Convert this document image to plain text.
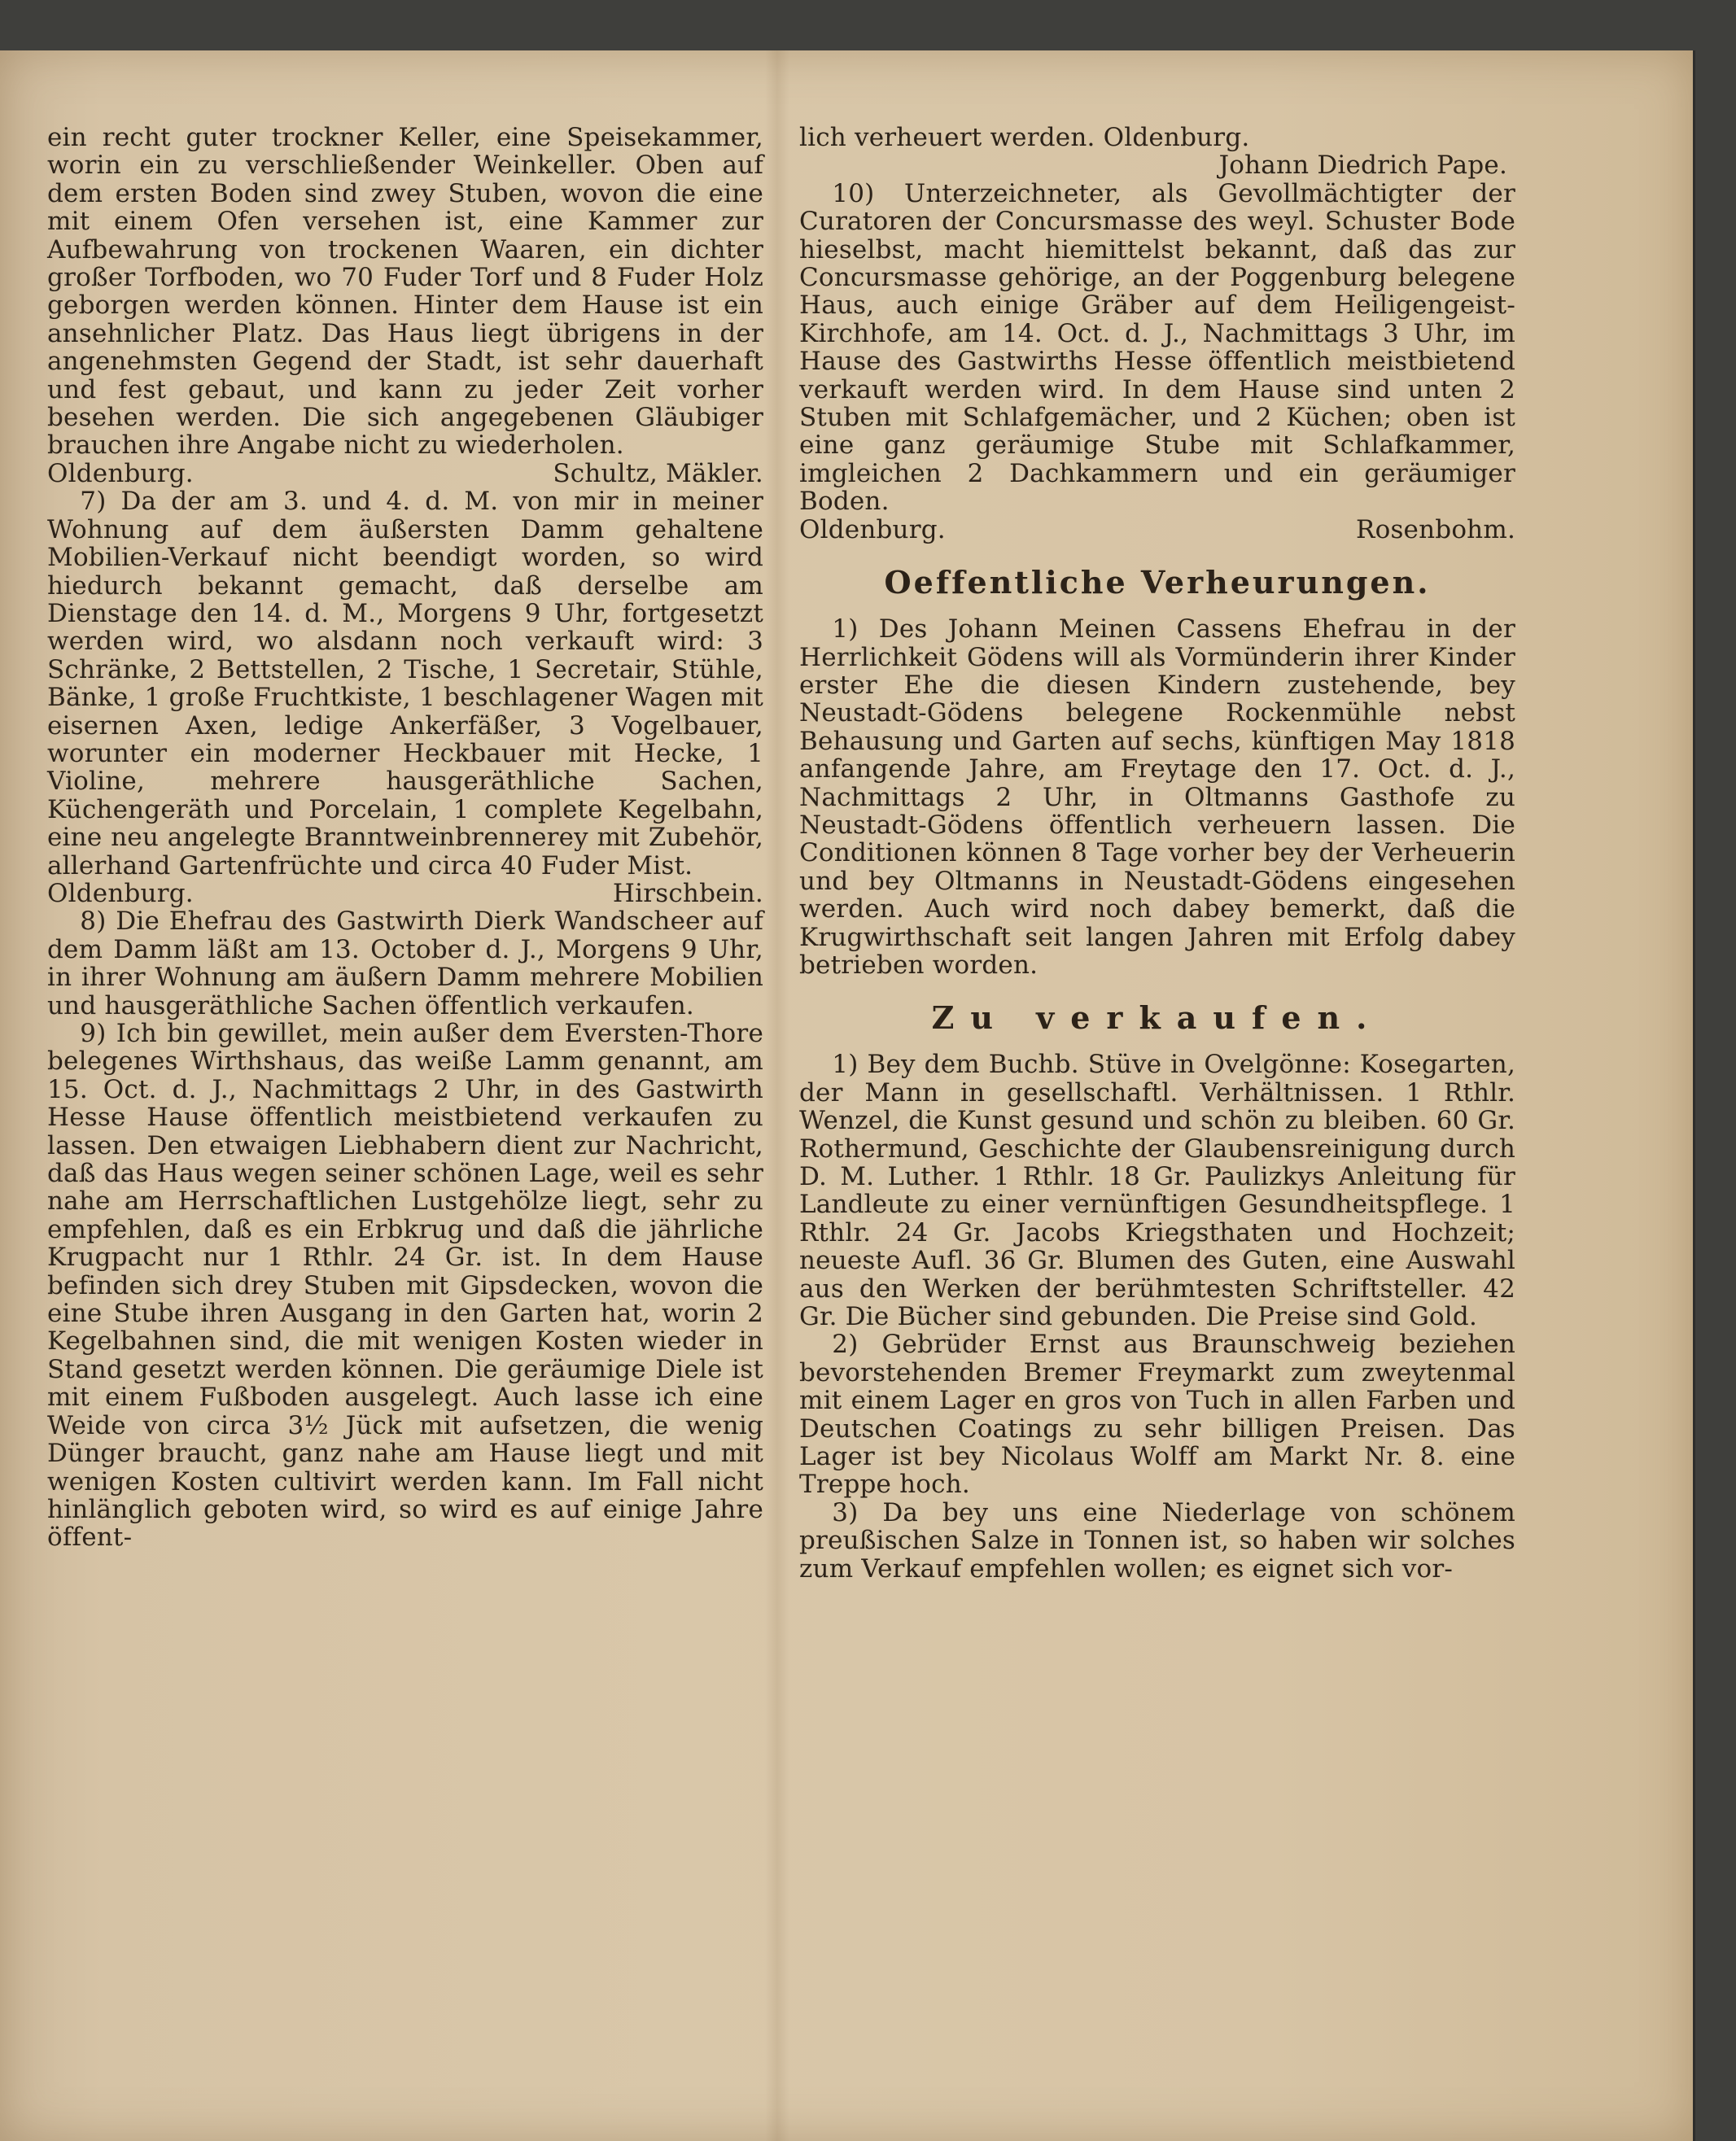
ein recht guter trockner Keller, eine Speisekammer, worin ein zu verschließender Weinkeller. Oben auf dem ersten Boden sind zwey Stuben, wovon die eine mit einem Ofen versehen ist, eine Kammer zur Aufbewahrung von trockenen Waaren, ein dichter großer Torfboden, wo 70 Fuder Torf und 8 Fuder Holz geborgen werden können. Hinter dem Hause ist ein ansehnlicher Platz. Das Haus liegt übrigens in der angenehmsten Gegend der Stadt, ist sehr dauerhaft und fest gebaut, und kann zu jeder Zeit vorher besehen werden. Die sich angegebenen Gläubiger brauchen ihre Angabe nicht zu wiederholen.

Oldenburg.	Schultz, Mäkler.

7) Da der am 3. und 4. d. M. von mir in meiner Wohnung auf dem äußersten Damm gehaltene Mobilien-Verkauf nicht beendigt worden, so wird hiedurch bekannt gemacht, daß derselbe am Dienstage den 14. d. M., Morgens 9 Uhr, fortgesetzt werden wird, wo alsdann noch verkauft wird: 3 Schränke, 2 Bettstellen, 2 Tische, 1 Secretair, Stühle, Bänke, 1 große Fruchtkiste, 1 beschlagener Wagen mit eisernen Axen, ledige Ankerfäßer, 3 Vogelbauer, worunter ein moderner Heckbauer mit Hecke, 1 Violine, mehrere hausgeräthliche Sachen, Küchengeräth und Porcelain, 1 complete Kegelbahn, eine neu angelegte Branntweinbrennerey mit Zubehör, allerhand Gartenfrüchte und circa 40 Fuder Mist.

Oldenburg.	Hirschbein.

8) Die Ehefrau des Gastwirth Dierk Wandscheer auf dem Damm läßt am 13. October d. J., Morgens 9 Uhr, in ihrer Wohnung am äußern Damm mehrere Mobilien und hausgeräthliche Sachen öffentlich verkaufen.

9) Ich bin gewillet, mein außer dem Eversten-Thore belegenes Wirthshaus, das weiße Lamm genannt, am 15. Oct. d. J., Nachmittags 2 Uhr, in des Gastwirth Hesse Hause öffentlich meistbietend verkaufen zu lassen. Den etwaigen Liebhabern dient zur Nachricht, daß das Haus wegen seiner schönen Lage, weil es sehr nahe am Herrschaftlichen Lustgehölze liegt, sehr zu empfehlen, daß es ein Erbkrug und daß die jährliche Krugpacht nur 1 Rthlr. 24 Gr. ist. In dem Hause befinden sich drey Stuben mit Gipsdecken, wovon die eine Stube ihren Ausgang in den Garten hat, worin 2 Kegelbahnen sind, die mit wenigen Kosten wieder in Stand gesetzt werden können. Die geräumige Diele ist mit einem Fußboden ausgelegt. Auch lasse ich eine Weide von circa 3½ Jück mit aufsetzen, die wenig Dünger braucht, ganz nahe am Hause liegt und mit wenigen Kosten cultivirt werden kann. Im Fall nicht hinlänglich geboten wird, so wird es auf einige Jahre öffent-

lich verheuert werden. Oldenburg.

Johann Diedrich Pape.

10) Unterzeichneter, als Gevollmächtigter der Curatoren der Concursmasse des weyl. Schuster Bode hieselbst, macht hiemittelst bekannt, daß das zur Concursmasse gehörige, an der Poggenburg belegene Haus, auch einige Gräber auf dem Heiligengeist-Kirchhofe, am 14. Oct. d. J., Nachmittags 3 Uhr, im Hause des Gastwirths Hesse öffentlich meistbietend verkauft werden wird. In dem Hause sind unten 2 Stuben mit Schlafgemächer, und 2 Küchen; oben ist eine ganz geräumige Stube mit Schlafkammer, imgleichen 2 Dachkammern und ein geräumiger Boden.

Oldenburg.	Rosenbohm.
Oeffentliche Verheurungen.

1) Des Johann Meinen Cassens Ehefrau in der Herrlichkeit Gödens will als Vormünderin ihrer Kinder erster Ehe die diesen Kindern zustehende, bey Neustadt-Gödens belegene Rockenmühle nebst Behausung und Garten auf sechs, künftigen May 1818 anfangende Jahre, am Freytage den 17. Oct. d. J., Nachmittags 2 Uhr, in Oltmanns Gasthofe zu Neustadt-Gödens öffentlich verheuern lassen. Die Conditionen können 8 Tage vorher bey der Verheuerin und bey Oltmanns in Neustadt-Gödens eingesehen werden. Auch wird noch dabey bemerkt, daß die Krugwirthschaft seit langen Jahren mit Erfolg dabey betrieben worden.

Zu verkaufen.

1) Bey dem Buchb. Stüve in Ovelgönne: Kosegarten, der Mann in gesellschaftl. Verhältnissen. 1 Rthlr. Wenzel, die Kunst gesund und schön zu bleiben. 60 Gr. Rothermund, Geschichte der Glaubensreinigung durch D. M. Luther. 1 Rthlr. 18 Gr. Paulizkys Anleitung für Landleute zu einer vernünftigen Gesundheitspflege. 1 Rthlr. 24 Gr. Jacobs Kriegsthaten und Hochzeit; neueste Aufl. 36 Gr. Blumen des Guten, eine Auswahl aus den Werken der berühmtesten Schriftsteller. 42 Gr. Die Bücher sind gebunden. Die Preise sind Gold.

2) Gebrüder Ernst aus Braunschweig beziehen bevorstehenden Bremer Freymarkt zum zweytenmal mit einem Lager en gros von Tuch in allen Farben und Deutschen Coatings zu sehr billigen Preisen. Das Lager ist bey Nicolaus Wolff am Markt Nr. 8. eine Treppe hoch.

3) Da bey uns eine Niederlage von schönem preußischen Salze in Tonnen ist, so haben wir solches zum Verkauf empfehlen wollen; es eignet sich vor-
